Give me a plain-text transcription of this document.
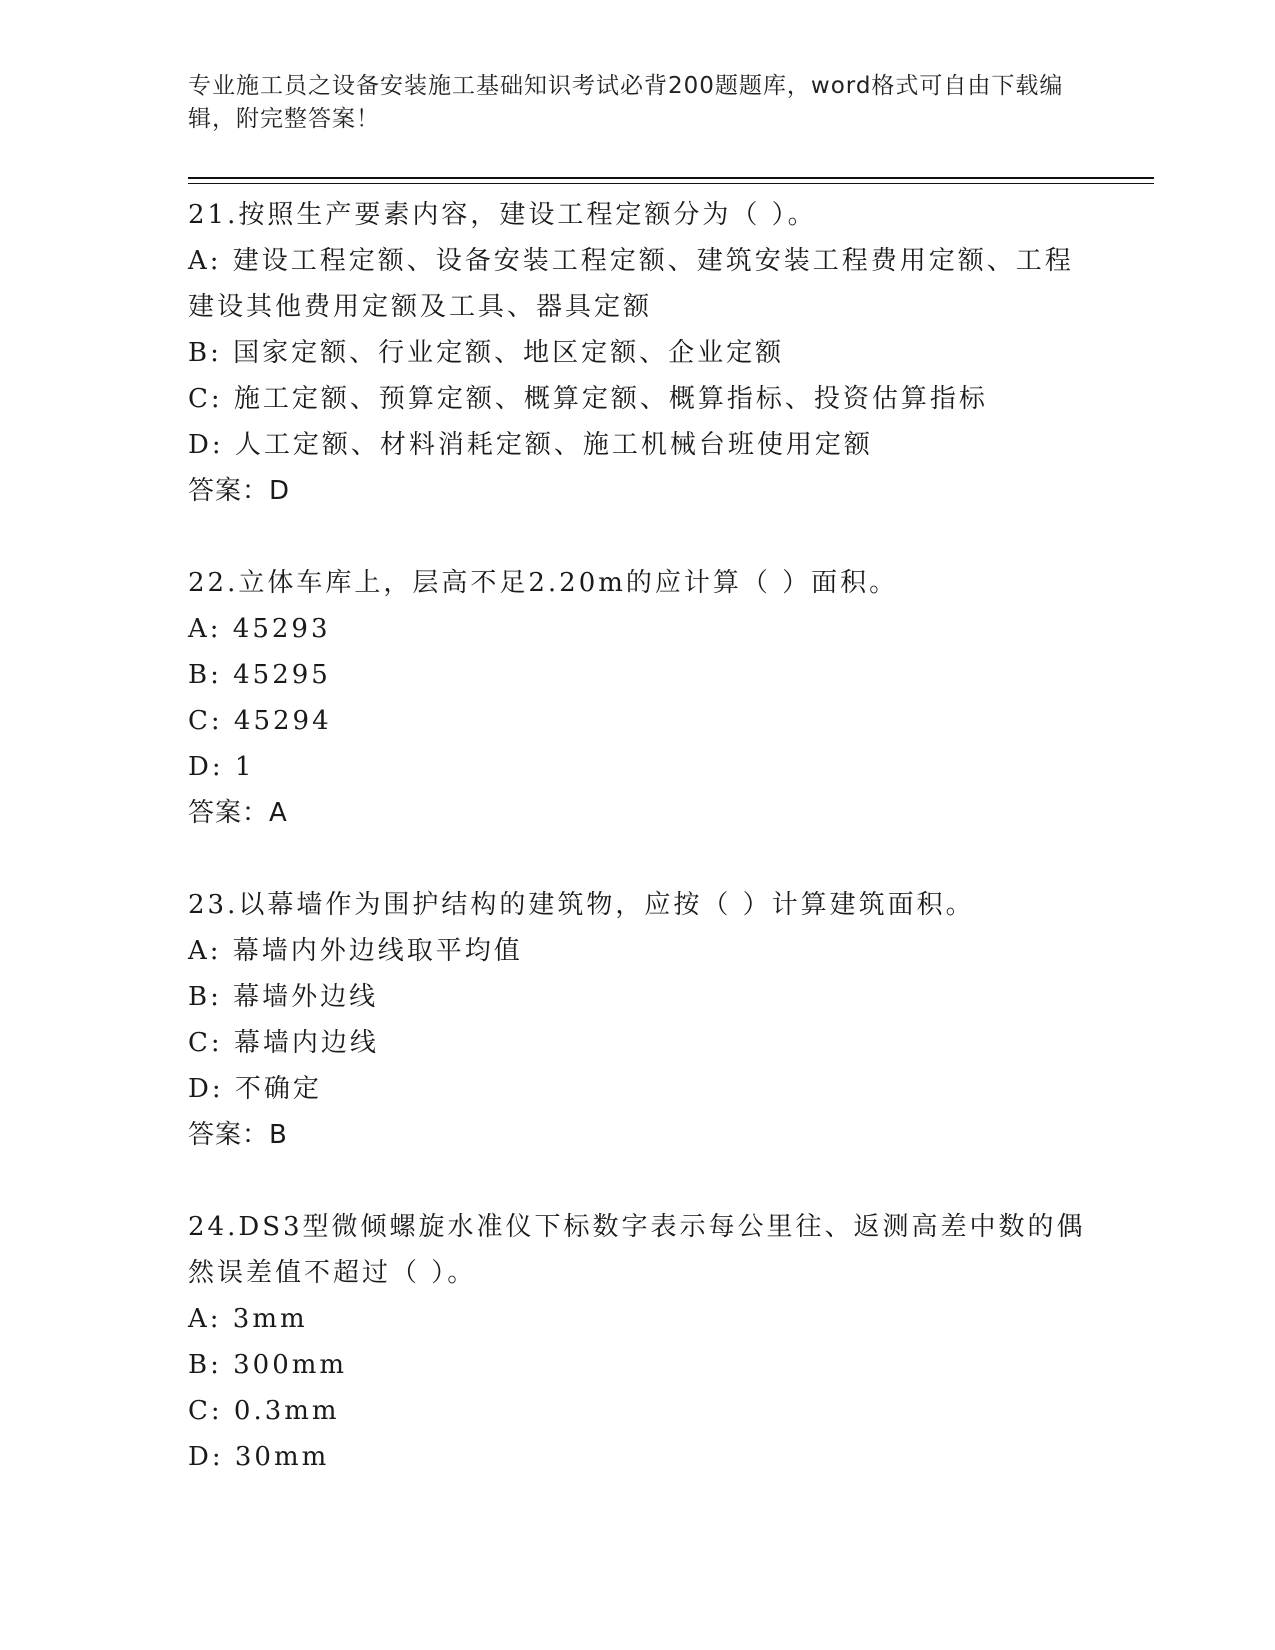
专业施工员之设备安装施工基础知识考试必背200题题库，word格式可自由下载编辑，附完整答案！

21.按照生产要素内容，建设工程定额分为（ ）。

A: 建设工程定额、设备安装工程定额、建筑安装工程费用定额、工程建设其他费用定额及工具、器具定额

B: 国家定额、行业定额、地区定额、企业定额

C: 施工定额、预算定额、概算定额、概算指标、投资估算指标

D: 人工定额、材料消耗定额、施工机械台班使用定额

答案：D

22.立体车库上，层高不足2.20m的应计算（ ）面积。

A: 45293

B: 45295

C: 45294

D: 1

答案：A

23.以幕墙作为围护结构的建筑物，应按（ ）计算建筑面积。

A: 幕墙内外边线取平均值

B: 幕墙外边线

C: 幕墙内边线

D: 不确定

答案：B

24.DS3型微倾螺旋水准仪下标数字表示每公里往、返测高差中数的偶然误差值不超过（ ）。

A: 3mm

B: 300mm

C: 0.3mm

D: 30mm
